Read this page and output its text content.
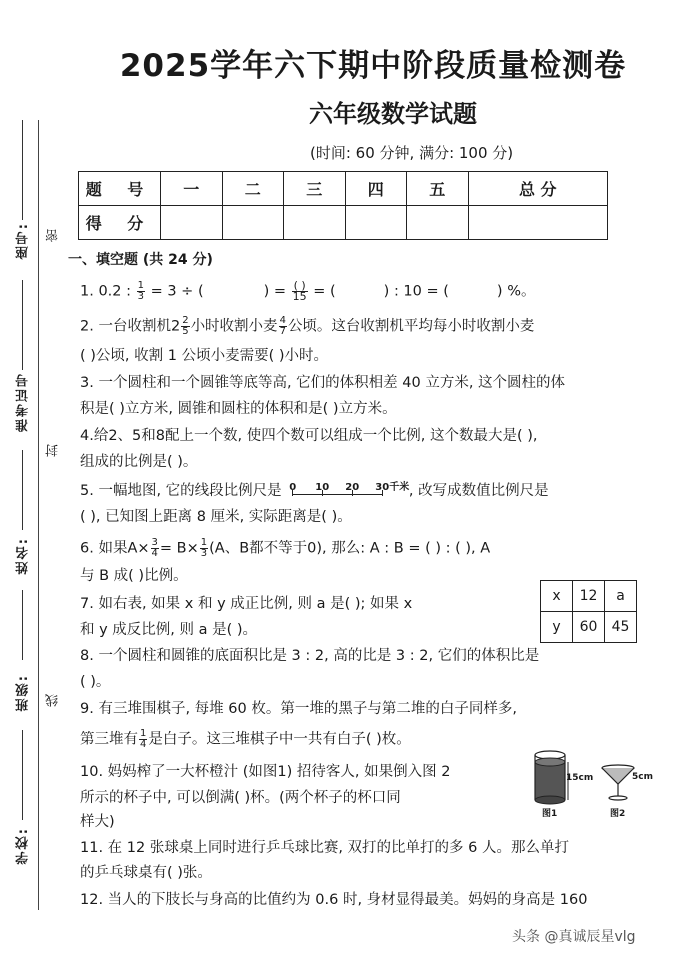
座号: 密
准考证号
封
姓名:
班级: 线
学校:
2025学年六下期中阶段质量检测卷
六年级数学试题
(时间: 60 分钟, 满分: 100 分)
题 号	一	二	三	四	五	总 分
得 分						
一、填空题 (共 24 分)
1. 0.2 : $\frac{1}{3} = 3$ ÷ (	) = $\frac{( )}{15}$ = (	) : 10 = (	) %。
2. 一台收割机$2 \frac{2}{5}$ 小时收割小麦 $\frac{4}{7}$ 公顷。这台收割机平均每小时收割小麦
( )公顷, 收割 1 公顷小麦需要( )小时。
3. 一个圆柱和一个圆锥等底等高, 它们的体积相差 40 立方米, 这个圆柱的体
积是( )立方米, 圆锥和圆柱的体积和是( )立方米。
4.给2、5和8配上一个数, 使四个数可以组成一个比例, 这个数最大是( ),
组成的比例是( )。
5. 一幅地图, 它的线段比例尺是 0 10 20 30千米 , 改写成数值比例尺是
( ), 已知图上距离 8 厘米, 实际距离是( )。
6. 如果$A\times \frac{3}{4} = B\times \frac{1}{3} (A$、B都不等于0), 那么: A : B = ( ) : ( ), A
与 B 成( )比例。
7. 如右表, 如果 x 和 y 成正比例, 则 a 是( ); 如果 x
和 y 成反比例, 则 a 是( )。
x	12	a
y	60	45
8. 一个圆柱和圆锥的底面积比是 3 : 2, 高的比是 3 : 2, 它们的体积比是
( )。
9. 有三堆围棋子, 每堆 60 枚。第一堆的黑子与第二堆的白子同样多,
第三堆有 $\frac{1}{4}$ 是白子。这三堆棋子中一共有白子( )枚。
10. 妈妈榨了一大杯橙汁 (如图1) 招待客人, 如果倒入图 2
所示的杯子中, 可以倒满( )杯。(两个杯子的杯口同
样大)
15cm
图1
5cm
图2
11. 在 12 张球桌上同时进行乒乓球比赛, 双打的比单打的多 6 人。那么单打
的乒乓球桌有( )张。
12. 当人的下肢长与身高的比值约为 0.6 时, 身材显得最美。妈妈的身高是 160
头条 @真诚辰星vlg
